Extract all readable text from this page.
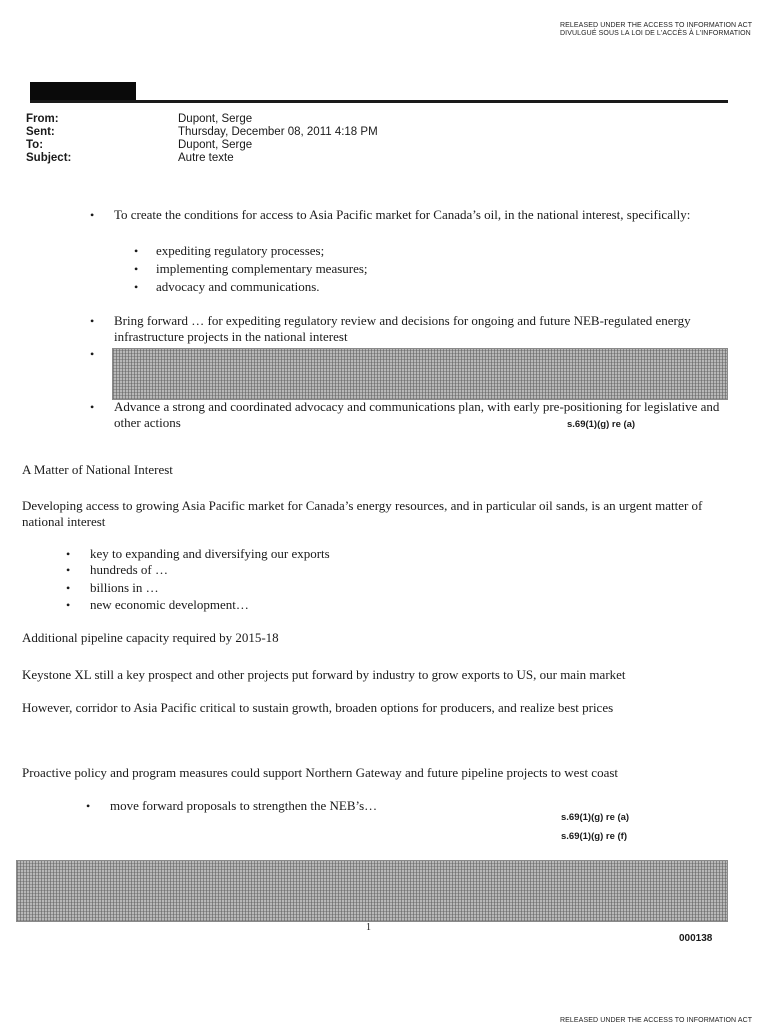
RELEASED UNDER THE ACCESS TO INFORMATION ACT
DIVULGUÉ SOUS LA LOI DE L'ACCÈS À L'INFORMATION
From:
Sent:
To:
Subject:
Dupont, Serge
Thursday, December 08, 2011 4:18 PM
Dupont, Serge
Autre texte
• To create the conditions for access to Asia Pacific market for Canada’s oil, in the national interest, specifically:
• expediting regulatory processes;
• implementing complementary measures;
• advocacy and communications.
• Bring forward … for expediting regulatory review and decisions for ongoing and future NEB-regulated energy infrastructure projects in the national interest
•
• Advance a strong and coordinated advocacy and communications plan, with early pre-positioning for legislative and other actions	s.69(1)(g) re (a)
A Matter of National Interest
Developing access to growing Asia Pacific market for Canada’s energy resources, and in particular oil sands, is an urgent matter of national interest
• key to expanding and diversifying our exports
• hundreds of …
• billions in …
• new economic development…
Additional pipeline capacity required by 2015-18
Keystone XL still a key prospect and other projects put forward by industry to grow exports to US, our main market
However, corridor to Asia Pacific critical to sustain growth, broaden options for producers, and realize best prices
Proactive policy and program measures could support Northern Gateway and future pipeline projects to west coast
• move forward proposals to strengthen the NEB’s…
s.69(1)(g) re (a)
s.69(1)(g) re (f)
1
000138
RELEASED UNDER THE ACCESS TO INFORMATION ACT
